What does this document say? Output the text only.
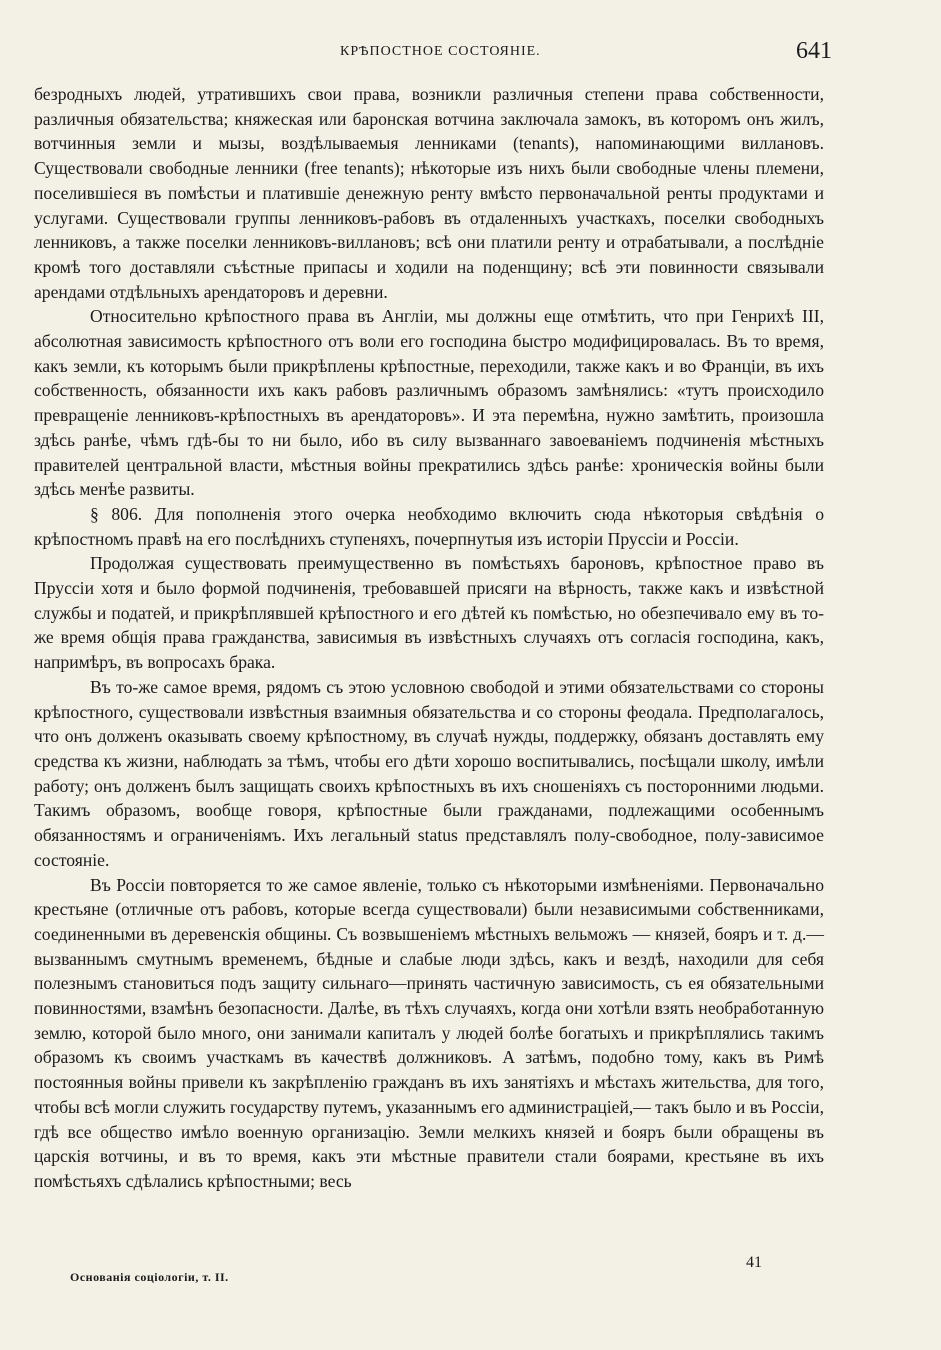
КРѢПОСТНОЕ СОСТОЯНІЕ.	641

безродныхъ людей, утратившихъ свои права, возникли различныя степени права собственности, различныя обязательства; княжеская или баронская вотчина заключала замокъ, въ которомъ онъ жилъ, вотчинныя земли и мызы, воздѣлываемыя ленниками (tenants), напоминающими виллановъ. Существовали свободные ленники (free tenants); нѣкоторые изъ нихъ были свободные члены племени, поселившіеся въ помѣстьи и платившіе денежную ренту вмѣсто первоначальной ренты продуктами и услугами. Существовали группы ленниковъ-рабовъ въ отдаленныхъ участкахъ, поселки свободныхъ ленниковъ, а также поселки ленниковъ-виллановъ; всѣ они платили ренту и отрабатывали, а послѣдніе кромѣ того доставляли съѣстные припасы и ходили на поденщину; всѣ эти повинности связывали арендами отдѣльныхъ арендаторовъ и деревни.

Относительно крѣпостного права въ Англіи, мы должны еще отмѣтить, что при Генрихѣ III, абсолютная зависимость крѣпостного отъ воли его господина быстро модифицировалась. Въ то время, какъ земли, къ которымъ были прикрѣплены крѣпостные, переходили, также какъ и во Франціи, въ ихъ собственность, обязанности ихъ какъ рабовъ различнымъ образомъ замѣнялись: «тутъ происходило превращеніе ленниковъ-крѣпостныхъ въ арендаторовъ». И эта перемѣна, нужно замѣтить, произошла здѣсь ранѣе, чѣмъ гдѣ-бы то ни было, ибо въ силу вызваннаго завоеваніемъ подчиненія мѣстныхъ правителей центральной власти, мѣстныя войны прекратились здѣсь ранѣе: хроническія войны были здѣсь менѣе развиты.

§ 806. Для пополненія этого очерка необходимо включить сюда нѣкоторыя свѣдѣнія о крѣпостномъ правѣ на его послѣднихъ ступеняхъ, почерпнутыя изъ исторіи Пруссіи и Россіи.

Продолжая существовать преимущественно въ помѣстьяхъ бароновъ, крѣпостное право въ Пруссіи хотя и было формой подчиненія, требовавшей присяги на вѣрность, также какъ и извѣстной службы и податей, и прикрѣплявшей крѣпостного и его дѣтей къ помѣстью, но обезпечивало ему въ то-же время общія права гражданства, зависимыя въ извѣстныхъ случаяхъ отъ согласія господина, какъ, напримѣръ, въ вопросахъ брака.

Въ то-же самое время, рядомъ съ этою условною свободой и этими обязательствами со стороны крѣпостного, существовали извѣстныя взаимныя обязательства и со стороны феодала. Предполагалось, что онъ долженъ оказывать своему крѣпостному, въ случаѣ нужды, поддержку, обязанъ доставлять ему средства къ жизни, наблюдать за тѣмъ, чтобы его дѣти хорошо воспитывались, посѣщали школу, имѣли работу; онъ долженъ былъ защищать своихъ крѣпостныхъ въ ихъ сношеніяхъ съ посторонними людьми. Такимъ образомъ, вообще говоря, крѣпостные были гражданами, подлежащими особеннымъ обязанностямъ и ограниченіямъ. Ихъ легальный status представлялъ полу-свободное, полу-зависимое состояніе.

Въ Россіи повторяется то же самое явленіе, только съ нѣкоторыми измѣненіями. Первоначально крестьяне (отличные отъ рабовъ, которые всегда существовали) были независимыми собственниками, соединенными въ деревенскія общины. Съ возвышеніемъ мѣстныхъ вельможъ — князей, бояръ и т. д.—вызваннымъ смутнымъ временемъ, бѣдные и слабые люди здѣсь, какъ и вездѣ, находили для себя полезнымъ становиться подъ защиту сильнаго—принять частичную зависимость, съ ея обязательными повинностями, взамѣнъ безопасности. Далѣе, въ тѣхъ случаяхъ, когда они хотѣли взять необработанную землю, которой было много, они занимали капиталъ у людей болѣе богатыхъ и прикрѣплялись такимъ образомъ къ своимъ участкамъ въ качествѣ должниковъ. А затѣмъ, подобно тому, какъ въ Римѣ постоянныя войны привели къ закрѣпленію гражданъ въ ихъ занятіяхъ и мѣстахъ жительства, для того, чтобы всѣ могли служить государству путемъ, указаннымъ его администраціей,— такъ было и въ Россіи, гдѣ все общество имѣло военную организацію. Земли мелкихъ князей и бояръ были обращены въ царскія вотчины, и въ то время, какъ эти мѣстные правители стали боярами, крестьяне въ ихъ помѣстьяхъ сдѣлались крѣпостными; весь

Основанія соціологіи, т. II.
41
